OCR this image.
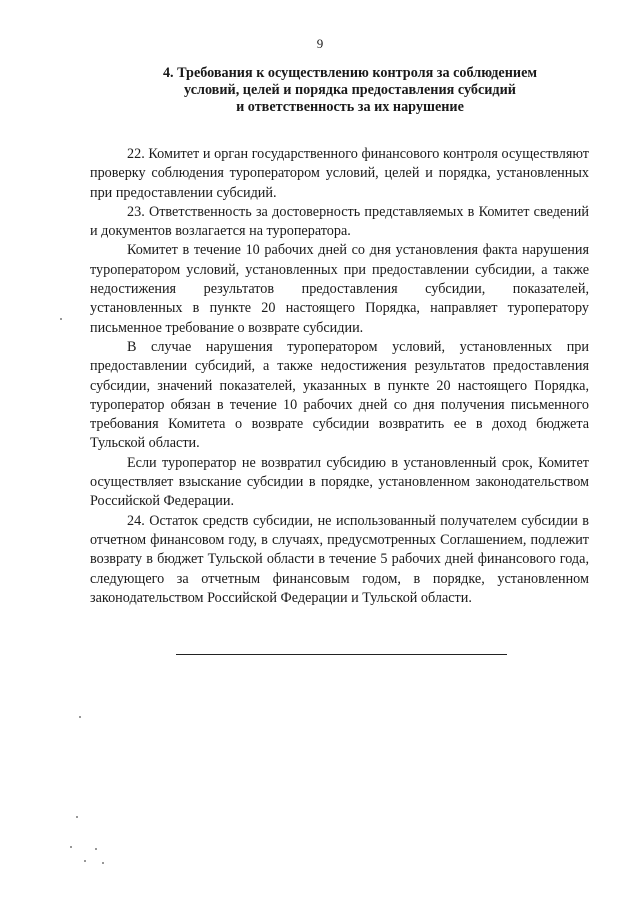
9
4. Требования к осуществлению контроля за соблюдением
условий, целей и порядка предоставления субсидий
и ответственность за их нарушение

22. Комитет и орган государственного финансового контроля осуществляют проверку соблюдения туроператором условий, целей и порядка, установленных при предоставлении субсидий.

23. Ответственность за достоверность представляемых в Комитет сведений и документов возлагается на туроператора.

Комитет в течение 10 рабочих дней со дня установления факта нарушения туроператором условий, установленных при предоставлении субсидии, а также недостижения результатов предоставления субсидии, показателей, установленных в пункте 20 настоящего Порядка, направляет туроператору письменное требование о возврате субсидии.

В случае нарушения туроператором условий, установленных при предоставлении субсидий, а также недостижения результатов предоставления субсидии, значений показателей, указанных в пункте 20 настоящего Порядка, туроператор обязан в течение 10 рабочих дней со дня получения письменного требования Комитета о возврате субсидии возвратить ее в доход бюджета Тульской области.

Если туроператор не возвратил субсидию в установленный срок, Комитет осуществляет взыскание субсидии в порядке, установленном законодательством Российской Федерации.

24. Остаток средств субсидии, не использованный получателем субсидии в отчетном финансовом году, в случаях, предусмотренных Соглашением, подлежит возврату в бюджет Тульской области в течение 5 рабочих дней финансового года, следующего за отчетным финансовым годом, в порядке, установленном законодательством Российской Федерации и Тульской области.
